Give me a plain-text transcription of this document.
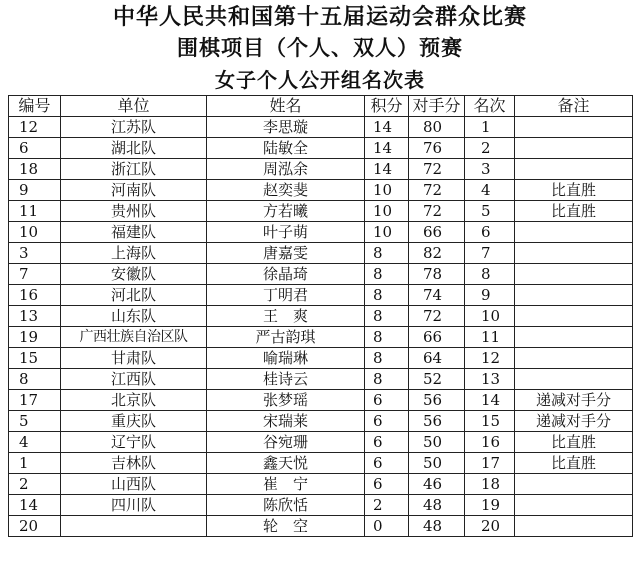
中华人民共和国第十五届运动会群众比赛
围棋项目（个人、双人）预赛
女子个人公开组名次表
编号	单位	姓名	积分	对手分	名次	备注
12	江苏队	李思璇	14	80	1	
6	湖北队	陆敏全	14	76	2	
18	浙江队	周泓余	14	72	3	
9	河南队	赵奕斐	10	72	4	比直胜
11	贵州队	方若曦	10	72	5	比直胜
10	福建队	叶子萌	10	66	6	
3	上海队	唐嘉雯	8	82	7	
7	安徽队	徐晶琦	8	78	8	
16	河北队	丁明君	8	74	9	
13	山东队	王　爽	8	72	10	
19	广西壮族自治区队	严古韵琪	8	66	11	
15	甘肃队	喻瑞琳	8	64	12	
8	江西队	桂诗云	8	52	13	
17	北京队	张梦瑶	6	56	14	递减对手分
5	重庆队	宋瑞莱	6	56	15	递减对手分
4	辽宁队	谷宛珊	6	50	16	比直胜
1	吉林队	鑫天悦	6	50	17	比直胜
2	山西队	崔　宁	6	46	18	
14	四川队	陈欣恬	2	48	19	
20		轮　空	0	48	20	
